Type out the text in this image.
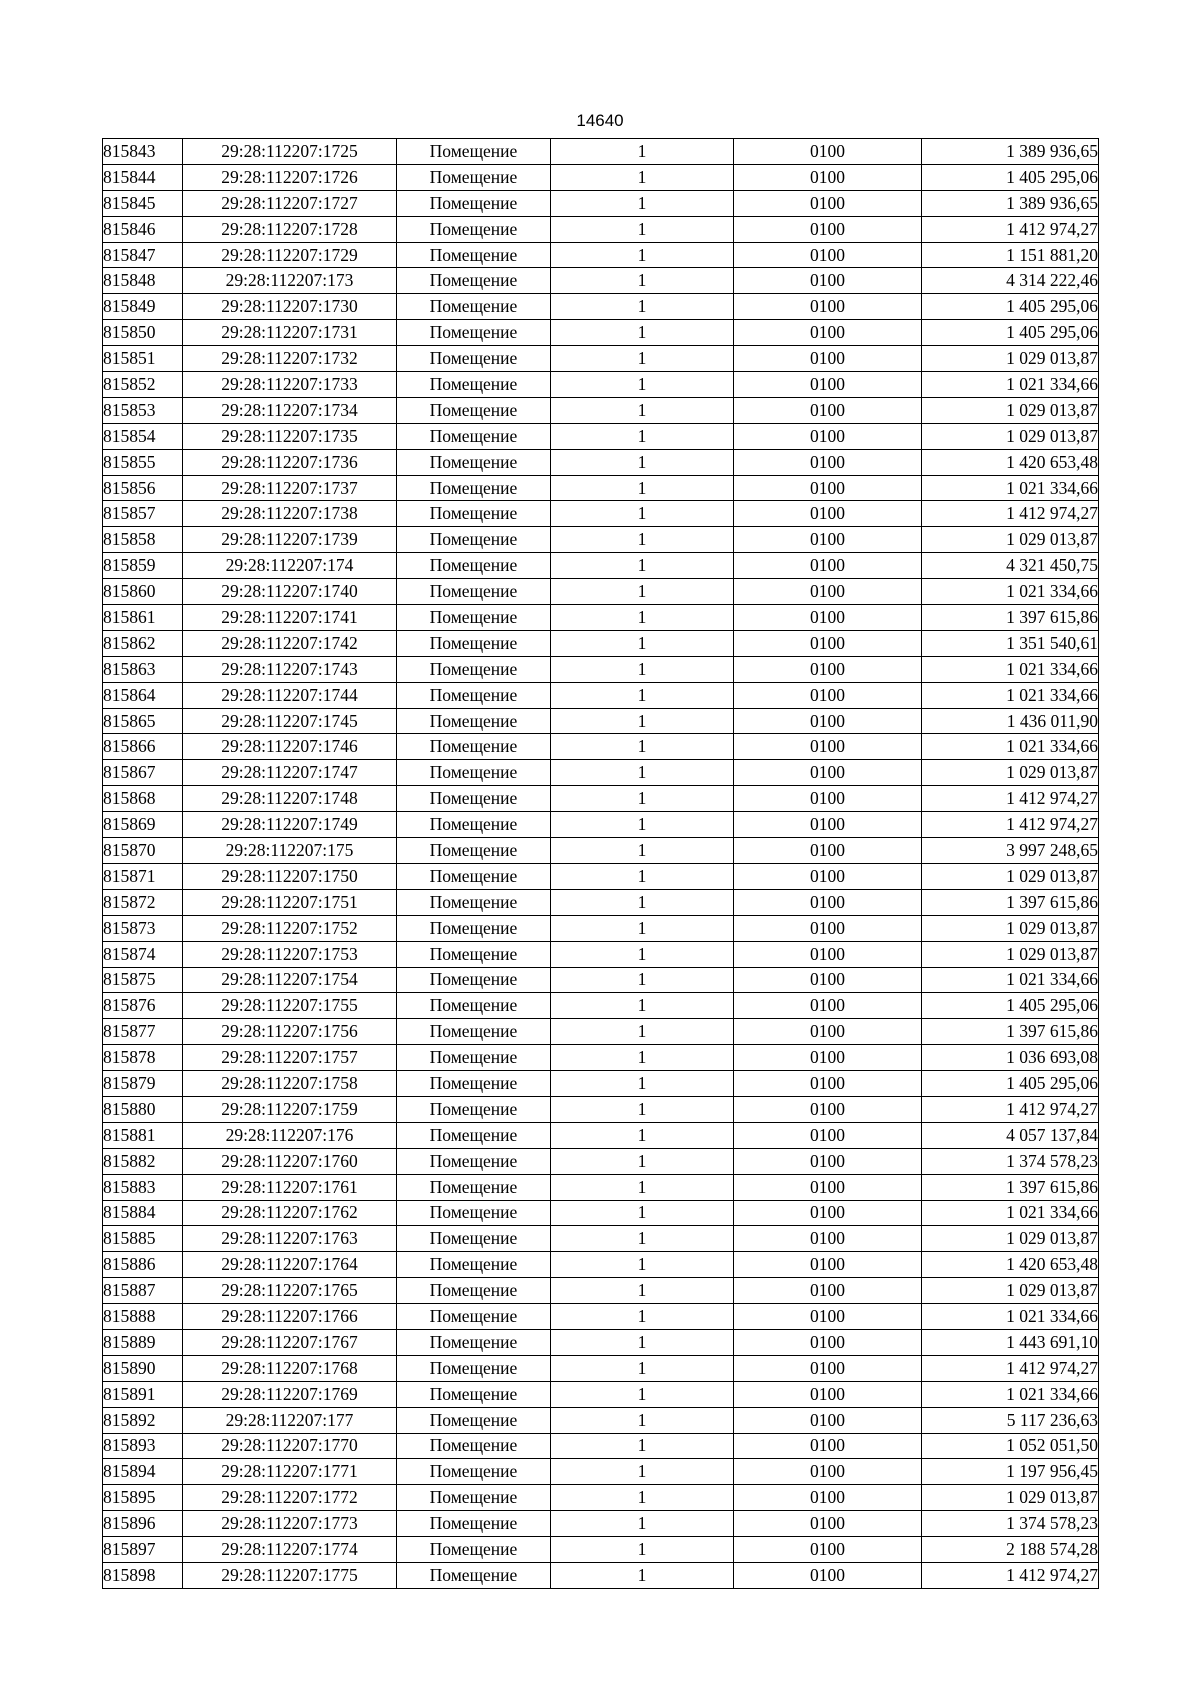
14640
815843	29:28:112207:1725	Помещение	1	0100	1 389 936,65
815844	29:28:112207:1726	Помещение	1	0100	1 405 295,06
815845	29:28:112207:1727	Помещение	1	0100	1 389 936,65
815846	29:28:112207:1728	Помещение	1	0100	1 412 974,27
815847	29:28:112207:1729	Помещение	1	0100	1 151 881,20
815848	29:28:112207:173	Помещение	1	0100	4 314 222,46
815849	29:28:112207:1730	Помещение	1	0100	1 405 295,06
815850	29:28:112207:1731	Помещение	1	0100	1 405 295,06
815851	29:28:112207:1732	Помещение	1	0100	1 029 013,87
815852	29:28:112207:1733	Помещение	1	0100	1 021 334,66
815853	29:28:112207:1734	Помещение	1	0100	1 029 013,87
815854	29:28:112207:1735	Помещение	1	0100	1 029 013,87
815855	29:28:112207:1736	Помещение	1	0100	1 420 653,48
815856	29:28:112207:1737	Помещение	1	0100	1 021 334,66
815857	29:28:112207:1738	Помещение	1	0100	1 412 974,27
815858	29:28:112207:1739	Помещение	1	0100	1 029 013,87
815859	29:28:112207:174	Помещение	1	0100	4 321 450,75
815860	29:28:112207:1740	Помещение	1	0100	1 021 334,66
815861	29:28:112207:1741	Помещение	1	0100	1 397 615,86
815862	29:28:112207:1742	Помещение	1	0100	1 351 540,61
815863	29:28:112207:1743	Помещение	1	0100	1 021 334,66
815864	29:28:112207:1744	Помещение	1	0100	1 021 334,66
815865	29:28:112207:1745	Помещение	1	0100	1 436 011,90
815866	29:28:112207:1746	Помещение	1	0100	1 021 334,66
815867	29:28:112207:1747	Помещение	1	0100	1 029 013,87
815868	29:28:112207:1748	Помещение	1	0100	1 412 974,27
815869	29:28:112207:1749	Помещение	1	0100	1 412 974,27
815870	29:28:112207:175	Помещение	1	0100	3 997 248,65
815871	29:28:112207:1750	Помещение	1	0100	1 029 013,87
815872	29:28:112207:1751	Помещение	1	0100	1 397 615,86
815873	29:28:112207:1752	Помещение	1	0100	1 029 013,87
815874	29:28:112207:1753	Помещение	1	0100	1 029 013,87
815875	29:28:112207:1754	Помещение	1	0100	1 021 334,66
815876	29:28:112207:1755	Помещение	1	0100	1 405 295,06
815877	29:28:112207:1756	Помещение	1	0100	1 397 615,86
815878	29:28:112207:1757	Помещение	1	0100	1 036 693,08
815879	29:28:112207:1758	Помещение	1	0100	1 405 295,06
815880	29:28:112207:1759	Помещение	1	0100	1 412 974,27
815881	29:28:112207:176	Помещение	1	0100	4 057 137,84
815882	29:28:112207:1760	Помещение	1	0100	1 374 578,23
815883	29:28:112207:1761	Помещение	1	0100	1 397 615,86
815884	29:28:112207:1762	Помещение	1	0100	1 021 334,66
815885	29:28:112207:1763	Помещение	1	0100	1 029 013,87
815886	29:28:112207:1764	Помещение	1	0100	1 420 653,48
815887	29:28:112207:1765	Помещение	1	0100	1 029 013,87
815888	29:28:112207:1766	Помещение	1	0100	1 021 334,66
815889	29:28:112207:1767	Помещение	1	0100	1 443 691,10
815890	29:28:112207:1768	Помещение	1	0100	1 412 974,27
815891	29:28:112207:1769	Помещение	1	0100	1 021 334,66
815892	29:28:112207:177	Помещение	1	0100	5 117 236,63
815893	29:28:112207:1770	Помещение	1	0100	1 052 051,50
815894	29:28:112207:1771	Помещение	1	0100	1 197 956,45
815895	29:28:112207:1772	Помещение	1	0100	1 029 013,87
815896	29:28:112207:1773	Помещение	1	0100	1 374 578,23
815897	29:28:112207:1774	Помещение	1	0100	2 188 574,28
815898	29:28:112207:1775	Помещение	1	0100	1 412 974,27
